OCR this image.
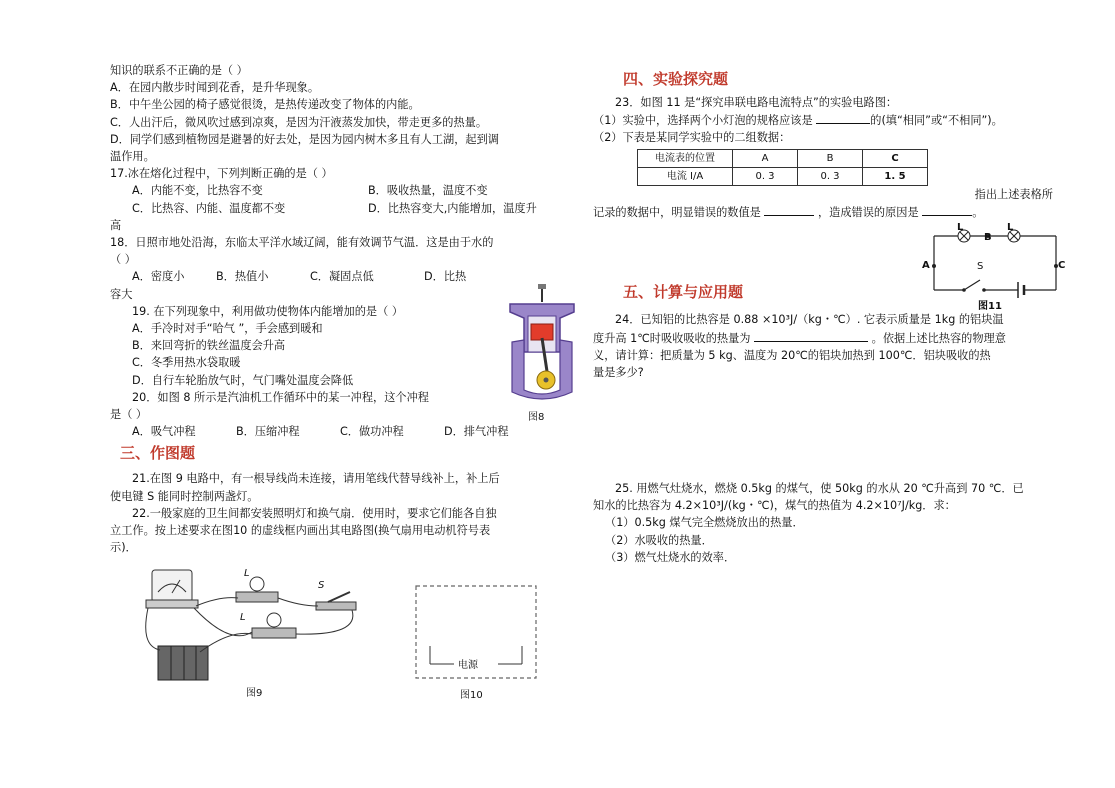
知识的联系不正确的是（ ）
A．在园内散步时闻到花香，是升华现象。
B．中午坐公园的椅子感觉很烫，是热传递改变了物体的内能。
C．人出汗后，微风吹过感到凉爽，是因为汗液蒸发加快，带走更多的热量。
D．同学们感到植物园是避暑的好去处，是因为园内树木多且有人工湖，起到调
温作用。
17.冰在熔化过程中，下列判断正确的是（ ）
A．内能不变，比热容不变	B．吸收热量，温度不变
C．比热容、内能、温度都不变	D．比热容变大,内能增加，温度升
高
18．日照市地处沿海，东临太平洋水域辽阔，能有效调节气温．这是由于水的
（ ）
A．密度小	B．热值小	C．凝固点低	D．比热
容大
19. 在下列现象中，利用做功使物体内能增加的是（ ）
A．手冷时对手“哈气 ”，手会感到暖和
B．来回弯折的铁丝温度会升高
C．冬季用热水袋取暖
D．自行车轮胎放气时，气门嘴处温度会降低
20．如图 8 所示是汽油机工作循环中的某一冲程，这个冲程
是（ ）
A．吸气冲程	B．压缩冲程	C．做功冲程	D．排气冲程
三、作图题
21.在图 9 电路中，有一根导线尚未连接，请用笔线代替导线补上，补上后
使电键 S 能同时控制两盏灯。
22.一般家庭的卫生间都安装照明灯和换气扇．使用时，要求它们能各自独
立工作。按上述要求在图10 的虚线框内画出其电路图(换气扇用电动机符号表
示)．
图8
L
L
S
图9
电源
图10
四、实验探究题
23．如图 11 是“探究串联电路电流特点”的实验电路图：
（1）实验中，选择两个小灯泡的规格应该是	的(填“相同”或“不相同”)。
（2）下表是某同学实验中的二组数据：
电流表的位置	A	B	C
电流 I/A	0. 3	0. 3	1. 5
指出上述表格所
记录的数据中，明显错误的数值是	，造成错误的原因是	。
五、计算与应用题
24．已知铝的比热容是 0.88 ×10³J/（kg・℃）. 它表示质量是 1kg 的铝块温
度升高 1℃时吸收吸收的热量为	。依据上述比热容的物理意
义，请计算：把质量为 5 kg、温度为 20℃的铝块加热到 100℃．铝块吸收的热
量是多少?
25. 用燃气灶烧水，燃烧 0.5kg 的煤气，使 50kg 的水从 20 ℃升高到 70 ℃．已
知水的比热容为 4.2×10³J/(kg・℃)，煤气的热值为 4.2×10⁷J/kg．求：
（1）0.5kg 煤气完全燃烧放出的热量．
（2）水吸收的热量．
（3）燃气灶烧水的效率．
L	L
B
A	C
S
图11
